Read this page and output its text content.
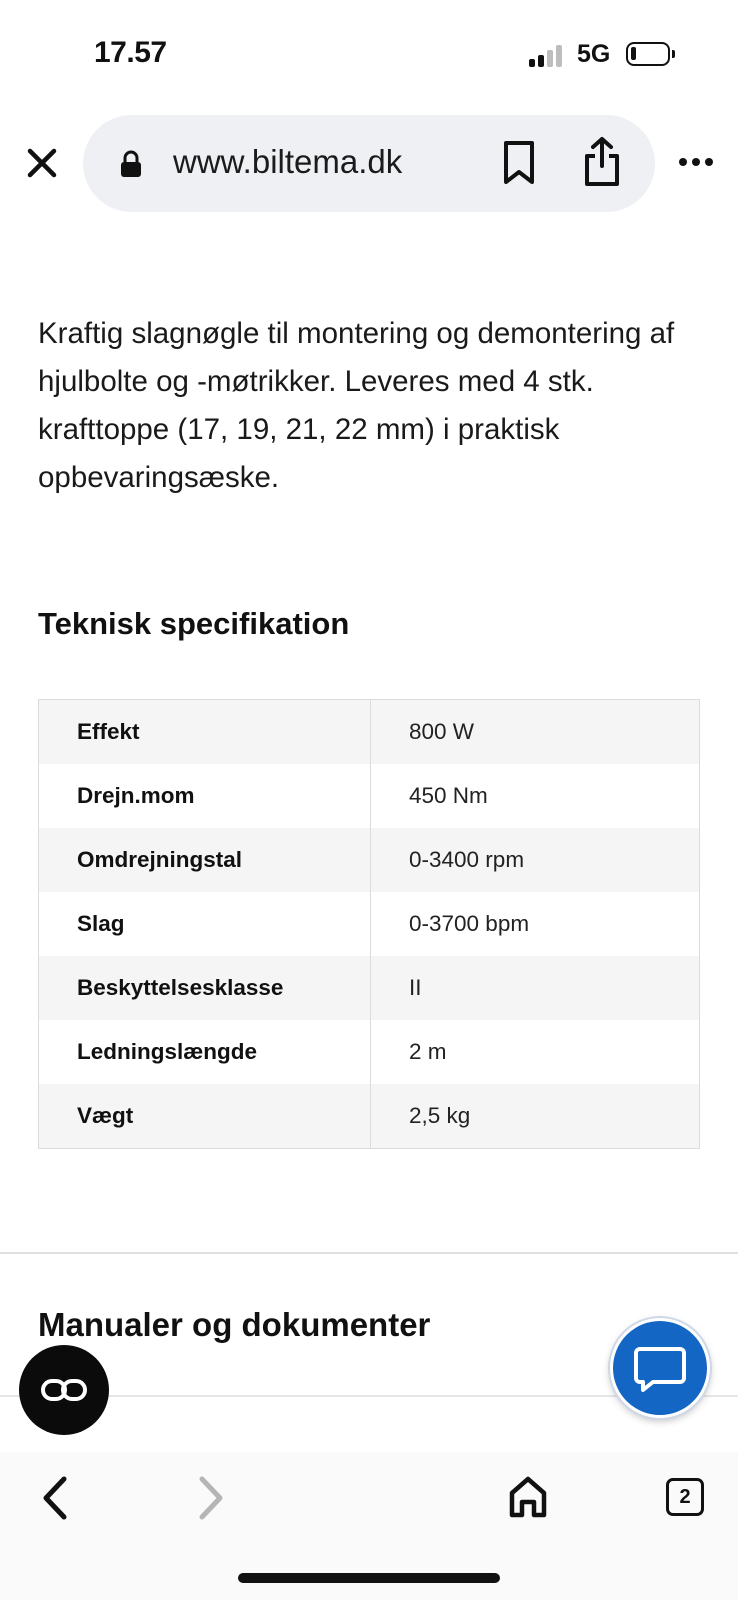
17.57	5G
www.biltema.dk
Kraftig slagnøgle til montering og demontering af hjulbolte og -møtrikker. Leveres med 4 stk. krafttoppe (17, 19, 21, 22 mm) i praktisk opbevaringsæske.
Teknisk specifikation
Effekt	800 W
Drejn.mom	450 Nm
Omdrejningstal	0-3400 rpm
Slag	0-3700 bpm
Beskyttelsesklasse	II
Ledningslængde	2 m
Vægt	2,5 kg
Manualer og dokumenter
2
